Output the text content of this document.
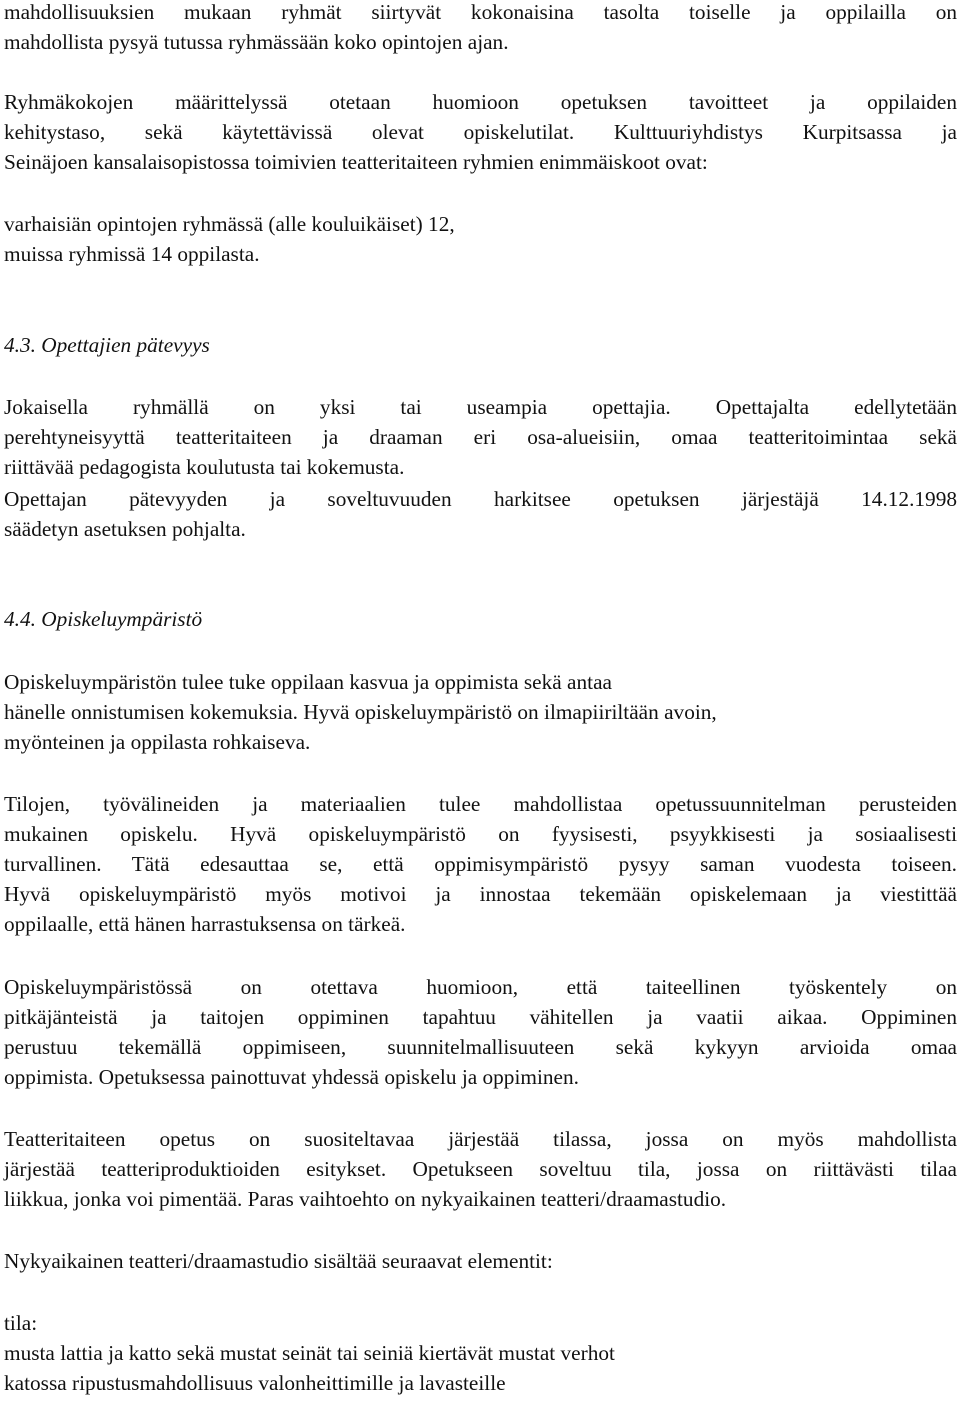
mahdollisuuksien mukaan ryhmät siirtyvät kokonaisina tasolta toiselle ja oppilailla on
mahdollista pysyä tutussa ryhmässään koko opintojen ajan.
Ryhmäkokojen määrittelyssä otetaan huomioon opetuksen tavoitteet ja oppilaiden
kehitystaso, sekä käytettävissä olevat opiskelutilat. Kulttuuriyhdistys Kurpitsassa ja
Seinäjoen kansalaisopistossa toimivien teatteritaiteen ryhmien enimmäiskoot ovat:
varhaisiän opintojen ryhmässä (alle kouluikäiset) 12,
muissa ryhmissä 14 oppilasta.
4.3. Opettajien pätevyys
Jokaisella ryhmällä on yksi tai useampia opettajia. Opettajalta edellytetään
perehtyneisyyttä teatteritaiteen ja draaman eri osa-alueisiin, omaa teatteritoimintaa sekä
riittävää pedagogista koulutusta tai kokemusta.
Opettajan pätevyyden ja soveltuvuuden harkitsee opetuksen järjestäjä 14.12.1998
säädetyn asetuksen pohjalta.
4.4. Opiskeluympäristö
Opiskeluympäristön tulee tuke oppilaan kasvua ja oppimista sekä antaa
hänelle onnistumisen kokemuksia. Hyvä opiskeluympäristö on ilmapiiriltään avoin,
myönteinen ja oppilasta rohkaiseva.
Tilojen, työvälineiden ja materiaalien tulee mahdollistaa opetussuunnitelman perusteiden
mukainen opiskelu. Hyvä opiskeluympäristö on fyysisesti, psyykkisesti ja sosiaalisesti
turvallinen. Tätä edesauttaa se, että oppimisympäristö pysyy saman vuodesta toiseen.
Hyvä opiskeluympäristö myös motivoi ja innostaa tekemään opiskelemaan ja viestittää
oppilaalle, että hänen harrastuksensa on tärkeä.
Opiskeluympäristössä on otettava huomioon, että taiteellinen työskentely on
pitkäjänteistä ja taitojen oppiminen tapahtuu vähitellen ja vaatii aikaa. Oppiminen
perustuu tekemällä oppimiseen, suunnitelmallisuuteen sekä kykyyn arvioida omaa
oppimista. Opetuksessa painottuvat yhdessä opiskelu ja oppiminen.
Teatteritaiteen opetus on suositeltavaa järjestää tilassa, jossa on myös mahdollista
järjestää teatteriproduktioiden esitykset. Opetukseen soveltuu tila, jossa on riittävästi tilaa
liikkua, jonka voi pimentää. Paras vaihtoehto on nykyaikainen teatteri/draamastudio.
Nykyaikainen teatteri/draamastudio sisältää seuraavat elementit:
tila:
musta lattia ja katto sekä mustat seinät tai seiniä kiertävät mustat verhot
katossa ripustusmahdollisuus valonheittimille ja lavasteille
